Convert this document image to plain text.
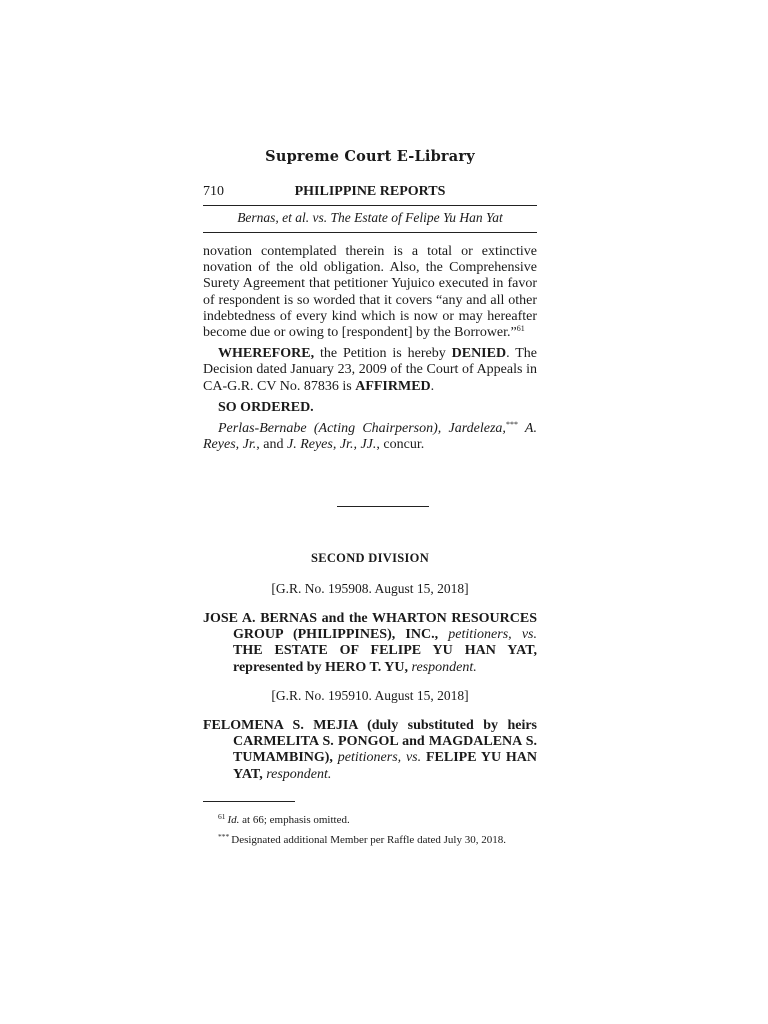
Supreme Court E-Library
710	PHILIPPINE REPORTS
Bernas, et al. vs. The Estate of Felipe Yu Han Yat

novation contemplated therein is a total or extinctive novation of the old obligation. Also, the Comprehensive Surety Agreement that petitioner Yujuico executed in favor of respondent is so worded that it covers “any and all other indebtedness of every kind which is now or may hereafter become due or owing to [respondent] by the Borrower.”$^{61}$

WHEREFORE, the Petition is hereby DENIED. The Decision dated January 23, 2009 of the Court of Appeals in CA-G.R. CV No. 87836 is AFFIRMED.

SO ORDERED.

Perlas-Bernabe (Acting Chairperson), Jardeleza,*** A. Reyes, Jr., and J. Reyes, Jr., JJ., concur.

SECOND DIVISION
[G.R. No. 195908. August 15, 2018]
JOSE A. BERNAS and the WHARTON RESOURCES GROUP (PHILIPPINES), INC., petitioners, vs. THE ESTATE OF FELIPE YU HAN YAT, represented by HERO T. YU, respondent.
[G.R. No. 195910. August 15, 2018]
FELOMENA S. MEJIA (duly substituted by heirs CARMELITA S. PONGOL and MAGDALENA S. TUMAMBING), petitioners, vs. FELIPE YU HAN YAT, respondent.
$^{61}$ Id. at 66; emphasis omitted.
*** Designated additional Member per Raffle dated July 30, 2018.
